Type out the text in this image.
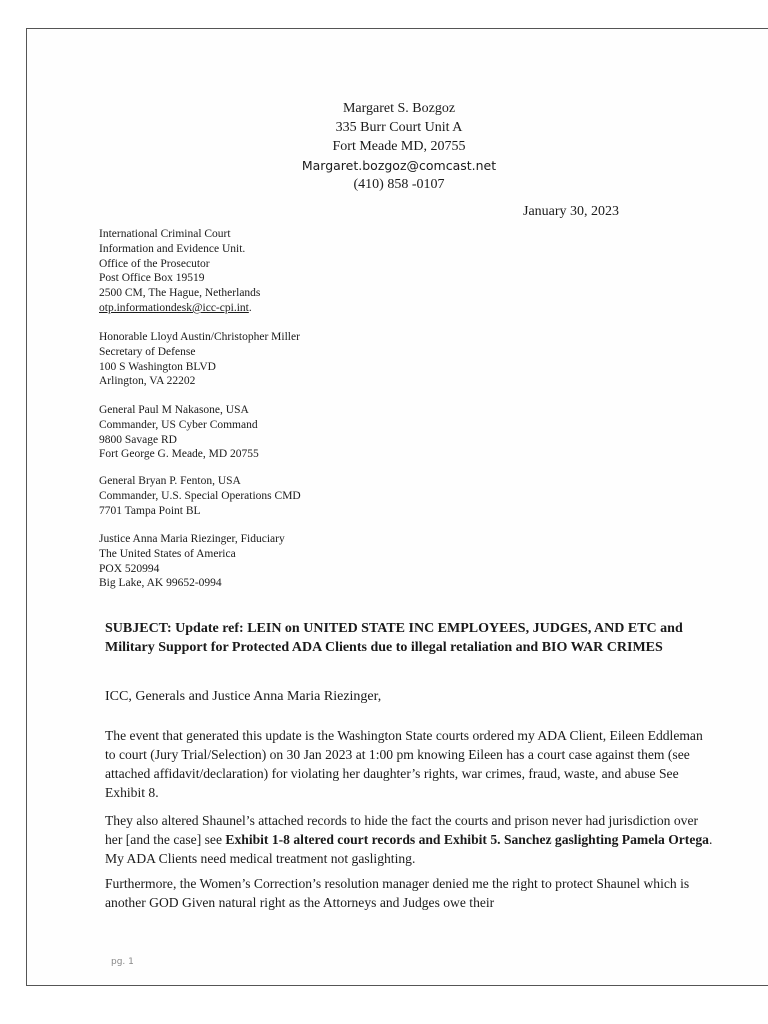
Margaret S. Bozgoz
335 Burr Court Unit A
Fort Meade MD, 20755
Margaret.bozgoz@comcast.net
(410) 858 -0107
January 30, 2023
International Criminal Court
Information and Evidence Unit.
Office of the Prosecutor
Post Office Box 19519
2500 CM, The Hague, Netherlands
otp.informationdesk@icc-cpi.int.
Honorable Lloyd Austin/Christopher Miller
Secretary of Defense
100 S Washington BLVD
Arlington, VA 22202
General Paul M Nakasone, USA
Commander, US Cyber Command
9800 Savage RD
Fort George G. Meade, MD 20755
General Bryan P. Fenton, USA
Commander, U.S. Special Operations CMD
7701 Tampa Point BL
Justice Anna Maria Riezinger, Fiduciary
The United States of America
POX 520994
Big Lake, AK 99652-0994
SUBJECT: Update ref: LEIN on UNITED STATE INC EMPLOYEES, JUDGES, AND ETC and Military Support for Protected ADA Clients due to illegal retaliation and BIO WAR CRIMES
ICC, Generals and Justice Anna Maria Riezinger,
The event that generated this update is the Washington State courts ordered my ADA Client, Eileen Eddleman to court (Jury Trial/Selection) on 30 Jan 2023 at 1:00 pm knowing Eileen has a court case against them (see attached affidavit/declaration) for violating her daughter’s rights, war crimes, fraud, waste, and abuse See Exhibit 8.
They also altered Shaunel’s attached records to hide the fact the courts and prison never had jurisdiction over her [and the case] see Exhibit 1-8 altered court records and Exhibit 5. Sanchez gaslighting Pamela Ortega. My ADA Clients need medical treatment not gaslighting.
Furthermore, the Women’s Correction’s resolution manager denied me the right to protect Shaunel which is another GOD Given natural right as the Attorneys and Judges owe their
pg. 1
